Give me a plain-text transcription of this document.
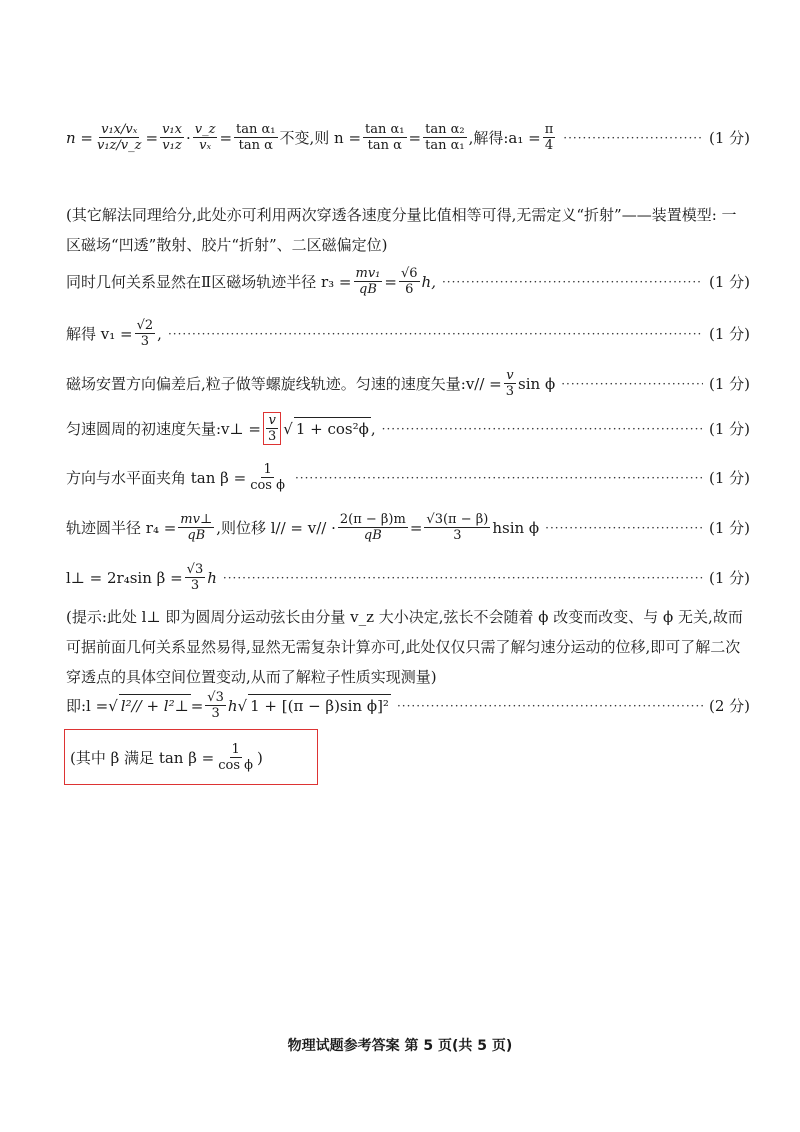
$n = \frac{\text{v₁x/vₓ}}{\text{v₁z/v\_z}} = \frac{\text{v₁x}}{\text{v₁z}} \cdot \frac{v\_z}{\text{vₓ}} = \frac{\text{tan α₁}}{\text{tan α}}$ 不变,则 $n = \frac{\text{tan α₁}}{\text{tan α}} = \frac{\text{tan α₂}}{\text{tan α₁}}$ ,解得:a₁ = $\frac{\pi}{4}$ ·····	(1 分)
(其它解法同理给分,此处亦可利用两次穿透各速度分量比值相等可得,无需定义“折射”——装置模型: 一区磁场“凹透”散射、胶片“折射”、二区磁偏定位)
同时几何关系显然在Ⅱ区磁场轨迹半径 $r_3 = \frac{\text{mv₁}}{qB} = \frac{√6}{6} h$, ·····	(1 分)
解得 $v_1 = \frac{√2}{3}$ , ·····	(1 分)
磁场安置方向偏差后,粒子做等螺旋线轨迹。匀速的速度矢量:v// = $\frac{v}{3}$ sin ϕ ·····	(1 分)
匀速圆周的初速度矢量:v⊥ = $\frac{v}{3}$ √ 1 + cos²ϕ , ·····	(1 分)
方向与水平面夹角 $\tan \beta = \frac{1}{\text{cos ϕ}}$ ·····	(1 分)
轨迹圆半径 $r_4 = \frac{mv\perp}{qB}$ ,则位移 $l// = v// \cdot \frac{2(\pi - \beta)m}{qB} = \frac{√3(\pi - \beta)}{3}$ hsin ϕ ·····	(1 分)
l⊥ = 2r₄sin $\beta = \frac{√3}{3}$ h ·····	(1 分)
(提示:此处 l⊥ 即为圆周分运动弦长由分量 v_z 大小决定,弦长不会随着 ϕ 改变而改变、与 ϕ 无关,故而可据前面几何关系显然易得,显然无需复杂计算亦可,此处仅仅只需了解匀速分运动的位移,即可了解二次穿透点的具体空间位置变动,从而了解粒子性质实现测量)
即:l = √ l²// + l²⊥ = $\frac{√3}{3}$ h √ 1 + [(π − β)sin ϕ]² ·····	(2 分)
(其中 β 满足 $\tan \beta = \frac{1}{\text{cos ϕ}}$ )
物理试题参考答案 第 5 页(共 5 页)
